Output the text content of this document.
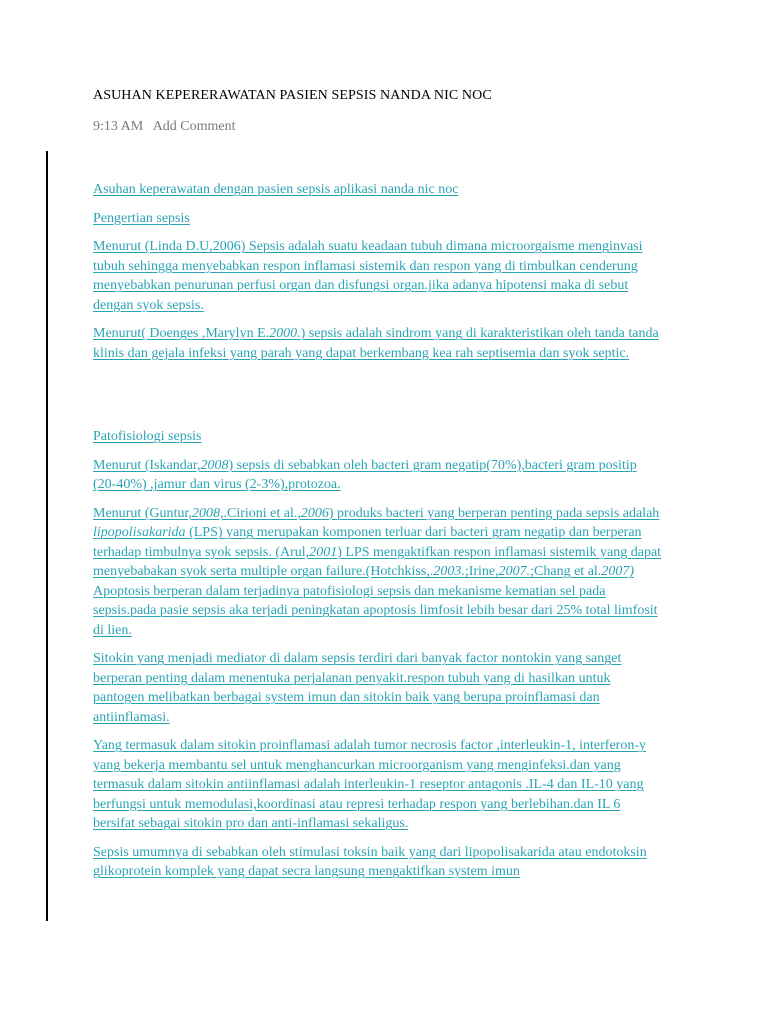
ASUHAN KEPERERAWATAN PASIEN SEPSIS NANDA NIC NOC
9:13 AM Add Comment

Asuhan keperawatan dengan pasien sepsis aplikasi nanda nic noc

Pengertian sepsis

Menurut (Linda D.U,2006) Sepsis adalah suatu keadaan tubuh dimana microorgaisme menginvasi tubuh sehingga menyebabkan respon inflamasi sistemik dan respon yang di timbulkan cenderung menyebabkan penurunan perfusi organ dan disfungsi organ.jika adanya hipotensi maka di sebut dengan syok sepsis.

Menurut( Doenges ,Marylyn E.2000.) sepsis adalah sindrom yang di karakteristikan oleh tanda tanda klinis dan gejala infeksi yang parah yang dapat berkembang kea rah septisemia dan syok septic.

Patofisiologi sepsis

Menurut (Iskandar,2008) sepsis di sebabkan oleh bacteri gram negatip(70%),bacteri gram positip (20-40%) ,jamur dan virus (2-3%),protozoa.

Menurut (Guntur,2008,.Cirioni et al.,2006) produks bacteri yang berperan penting pada sepsis adalah lipopolisakarida (LPS) yang merupakan komponen terluar dari bacteri gram negatip dan berperan terhadap timbulnya syok sepsis. (Arul,2001) LPS mengaktifkan respon inflamasi sistemik yang dapat menyebabakan syok serta multiple organ failure.(Hotchkiss,.2003.;Irine,2007.;Chang et al.2007) Apoptosis berperan dalam terjadinya patofisiologi sepsis dan mekanisme kematian sel pada sepsis.pada pasie sepsis aka terjadi peningkatan apoptosis limfosit lebih besar dari 25% total limfosit di lien.

Sitokin yang menjadi mediator di dalam sepsis terdiri dari banyak factor nontokin yang sanget berperan penting dalam menentuka perjalanan penyakit.respon tubuh yang di hasilkan untuk pantogen melibatkan berbagai system imun dan sitokin baik yang berupa proinflamasi dan antiinflamasi.

Yang termasuk dalam sitokin proinflamasi adalah tumor necrosis factor ,interleukin-1, interferon-y yang bekerja membantu sel untuk menghancurkan microorganism yang menginfeksi.dan yang termasuk dalam sitokin antiinflamasi adalah interleukin-1 reseptor antagonis .IL-4 dan IL-10 yang berfungsi untuk memodulasi,koordinasi atau represi terhadap respon yang berlebihan.dan IL 6 bersifat sebagai sitokin pro dan anti-inflamasi sekaligus.

Sepsis umumnya di sebabkan oleh stimulasi toksin baik yang dari lipopolisakarida atau endotoksin glikoprotein komplek yang dapat secra langsung mengaktifkan system imun
